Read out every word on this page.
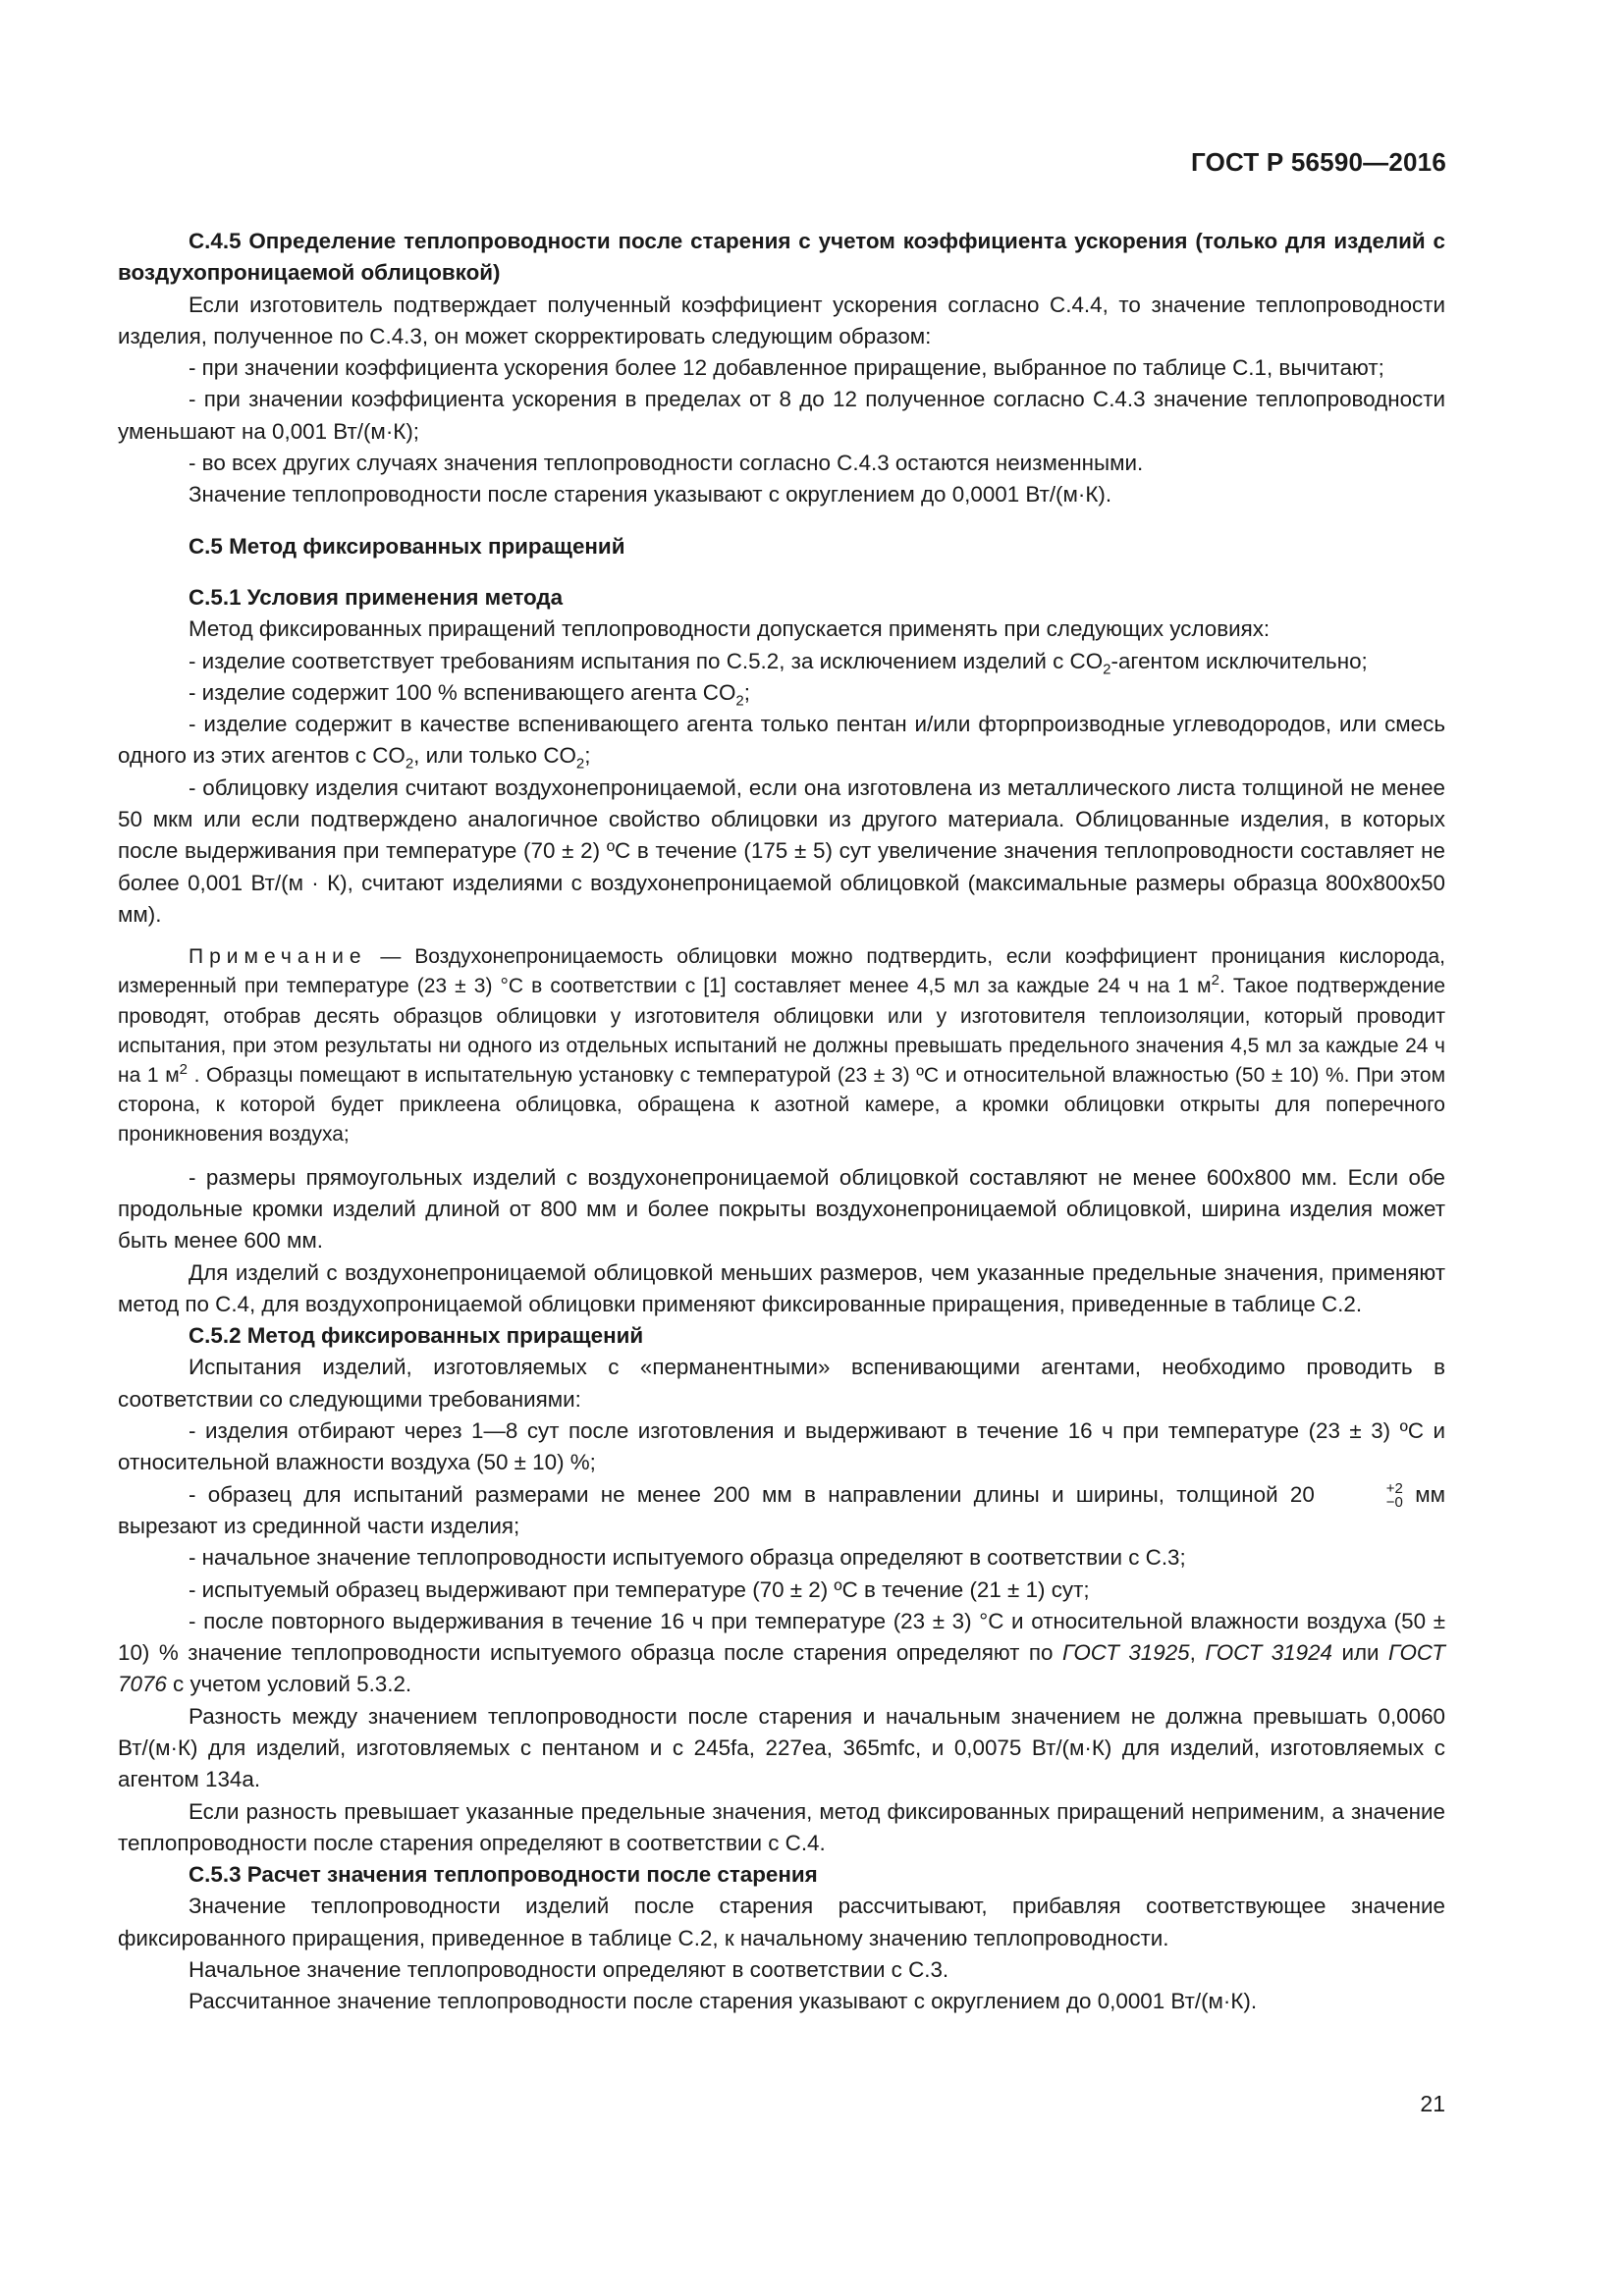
ГОСТ Р 56590—2016

С.4.5 Определение теплопроводности после старения с учетом коэффициента ускорения (только для изделий с воздухопроницаемой облицовкой)

Если изготовитель подтверждает полученный коэффициент ускорения согласно С.4.4, то значение теплопроводности изделия, полученное по С.4.3, он может скорректировать следующим образом:

- при значении коэффициента ускорения более 12 добавленное приращение, выбранное по таблице С.1, вычитают;

- при значении коэффициента ускорения в пределах от 8 до 12 полученное согласно С.4.3 значение теплопроводности уменьшают на 0,001 Вт/(м·К);

- во всех других случаях значения теплопроводности согласно С.4.3 остаются неизменными.

Значение теплопроводности после старения указывают с округлением до 0,0001 Вт/(м·К).

С.5 Метод фиксированных приращений

С.5.1 Условия применения метода

Метод фиксированных приращений теплопроводности допускается применять при следующих условиях:

- изделие соответствует требованиям испытания по С.5.2, за исключением изделий с $CO_2$-агентом исключительно;

- изделие содержит 100 % вспенивающего агента $CO_2$;

- изделие содержит в качестве вспенивающего агента только пентан и/или фторпроизводные углеводородов, или смесь одного из этих агентов с $CO_2$, или только $CO_2$;

- облицовку изделия считают воздухонепроницаемой, если она изготовлена из металлического листа толщиной не менее 50 мкм или если подтверждено аналогичное свойство облицовки из другого материала. Облицованные изделия, в которых после выдерживания при температуре (70 ± 2) ºС в течение (175 ± 5) сут увеличение значения теплопроводности составляет не более 0,001 Вт/(м · К), считают изделиями с воздухонепроницаемой облицовкой (максимальные размеры образца 800х800х50 мм).

Примечание — Воздухонепроницаемость облицовки можно подтвердить, если коэффициент проницания кислорода, измеренный при температуре (23 ± 3) °С в соответствии с [1] составляет менее 4,5 мл за каждые 24 ч на 1 $м^2$. Такое подтверждение проводят, отобрав десять образцов облицовки у изготовителя облицовки или у изготовителя теплоизоляции, который проводит испытания, при этом результаты ни одного из отдельных испытаний не должны превышать предельного значения 4,5 мл за каждые 24 ч на 1 $м^2$ . Образцы помещают в испытательную установку с температурой (23 ± 3) ºС и относительной влажностью (50 ± 10) %. При этом сторона, к которой будет приклеена облицовка, обращена к азотной камере, а кромки облицовки открыты для поперечного проникновения воздуха;

- размеры прямоугольных изделий с воздухонепроницаемой облицовкой составляют не менее 600х800 мм. Если обе продольные кромки изделий длиной от 800 мм и более покрыты воздухонепроницаемой облицовкой, ширина изделия может быть менее 600 мм.

Для изделий с воздухонепроницаемой облицовкой меньших размеров, чем указанные предельные значения, применяют метод по С.4, для воздухопроницаемой облицовки применяют фиксированные приращения, приведенные в таблице С.2.

С.5.2 Метод фиксированных приращений

Испытания изделий, изготовляемых с «перманентными» вспенивающими агентами, необходимо проводить в соответствии со следующими требованиями:

- изделия отбирают через 1—8 сут после изготовления и выдерживают в течение 16 ч при температуре (23 ± 3) ºС и относительной влажности воздуха (50 ± 10) %;

- образец для испытаний размерами не менее 200 мм в направлении длины и ширины, толщиной 20	+2
−0 мм вырезают из срединной части изделия;

- начальное значение теплопроводности испытуемого образца определяют в соответствии с С.3;

- испытуемый образец выдерживают при температуре (70 ± 2) ºС в течение (21 ± 1) сут;

- после повторного выдерживания в течение 16 ч при температуре (23 ± 3) °С и относительной влажности воздуха (50 ± 10) % значение теплопроводности испытуемого образца после старения определяют по ГОСТ 31925, ГОСТ 31924 или ГОСТ 7076 с учетом условий 5.3.2.

Разность между значением теплопроводности после старения и начальным значением не должна превышать 0,0060 Вт/(м·К) для изделий, изготовляемых с пентаном и с 245fa, 227ea, 365mfc, и 0,0075 Вт/(м·К) для изделий, изготовляемых с агентом 134а.

Если разность превышает указанные предельные значения, метод фиксированных приращений неприменим, а значение теплопроводности после старения определяют в соответствии с С.4.

С.5.3 Расчет значения теплопроводности после старения

Значение теплопроводности изделий после старения рассчитывают, прибавляя соответствующее значение фиксированного приращения, приведенное в таблице С.2, к начальному значению теплопроводности.

Начальное значение теплопроводности определяют в соответствии с С.3.

Рассчитанное значение теплопроводности после старения указывают с округлением до 0,0001 Вт/(м·К).

21
